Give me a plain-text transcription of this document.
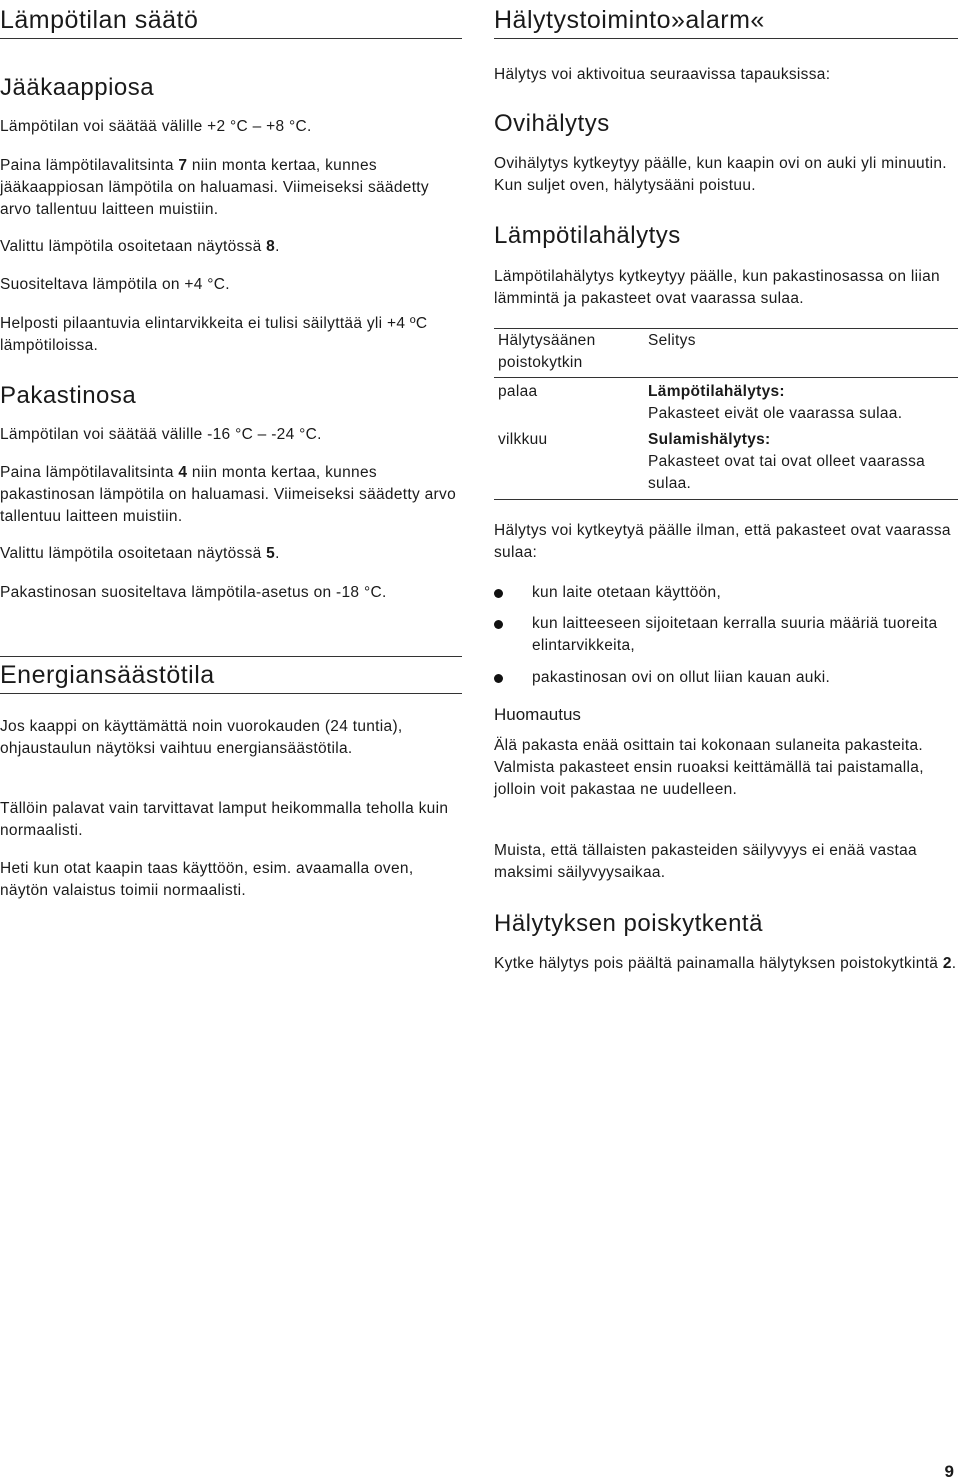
Lämpötilan säätö
Jääkaappiosa

Lämpötilan voi säätää välille +2 °C – +8 °C.

Paina lämpötilavalitsinta 7 niin monta kertaa, kunnes jääkaappiosan lämpötila on haluamasi. Viimeiseksi säädetty arvo tallentuu laitteen muistiin.

Valittu lämpötila osoitetaan näytössä 8.

Suositeltava lämpötila on +4 °C.

Helposti pilaantuvia elintarvikkeita ei tulisi säilyttää yli +4 ºC lämpötiloissa.

Pakastinosa

Lämpötilan voi säätää välille -16 °C – -24 °C.

Paina lämpötilavalitsinta 4 niin monta kertaa, kunnes pakastinosan lämpötila on haluamasi. Viimeiseksi säädetty arvo tallentuu laitteen muistiin.

Valittu lämpötila osoitetaan näytössä 5.

Pakastinosan suositeltava lämpötila-asetus on -18 °C.

Energiansäästötila

Jos kaappi on käyttämättä noin vuorokauden (24 tuntia), ohjaustaulun näytöksi vaihtuu energiansäästötila.

Tällöin palavat vain tarvittavat lamput heikommalla teholla kuin normaalisti.

Heti kun otat kaapin taas käyttöön, esim. avaamalla oven, näytön valaistus toimii normaalisti.

Hälytystoiminto»alarm«

Hälytys voi aktivoitua seuraavissa tapauksissa:

Ovihälytys

Ovihälytys kytkeytyy päälle, kun kaapin ovi on auki yli minuutin. Kun suljet oven, hälytysääni poistuu.

Lämpötilahälytys

Lämpötilahälytys kytkeytyy päälle, kun pakastinosassa on liian lämmintä ja pakasteet ovat vaarassa sulaa.

Hälytysäänen poistokytkin	Selitys
palaa	Lämpötilahälytys:
Pakasteet eivät ole vaarassa sulaa.
vilkkuu	Sulamishälytys:
Pakasteet ovat tai ovat olleet vaarassa sulaa.

Hälytys voi kytkeytyä päälle ilman, että pakasteet ovat vaarassa sulaa:

kun laite otetaan käyttöön,

kun laitteeseen sijoitetaan kerralla suuria määriä tuoreita elintarvikkeita,

pakastinosan ovi on ollut liian kauan auki.

Huomautus

Älä pakasta enää osittain tai kokonaan sulaneita pakasteita. Valmista pakasteet ensin ruoaksi keittämällä tai paistamalla, jolloin voit pakastaa ne uudelleen.

Muista, että tällaisten pakasteiden säilyvyys ei enää vastaa maksimi säilyvyysaikaa.

Hälytyksen poiskytkentä

Kytke hälytys pois päältä painamalla hälytyksen poistokytkintä 2.

9
